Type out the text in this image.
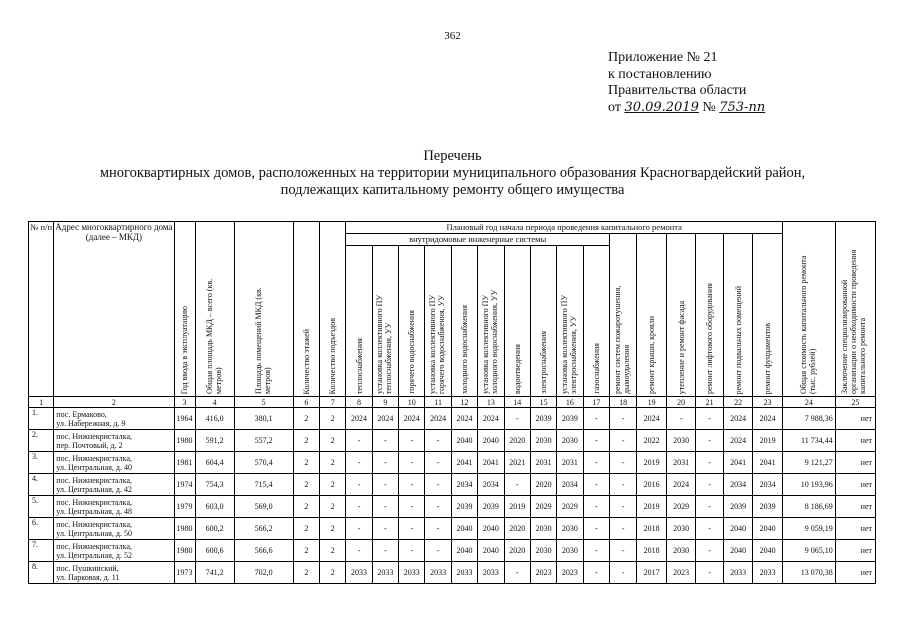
362
Приложение № 21
к постановлению
Правительства области
от 30.09.2019 № 753-пп
Перечень
многоквартирных домов, расположенных на территории муниципального образования Красногвардейский район,
подлежащих капитальному ремонту общего имущества
№ п/п	Адрес многоквартирного дома (далее – МКД)	Год ввода в эксплуатацию	Общая площадь МКД – всего (кв. метров)	Площадь помещений МКД (кв. метров)	Количество этажей	Количество подъездов	Плановый год начала периода проведения капитального ремонта																Общая стоимость капитального ремонта (тыс. рублей)	Заключение специализированной организации о необходимости проведения капитального ремонта
							внутридомовые инженерные системы										ремонт систем пожаротушения, дымоудаления	ремонт крыши, кровли	утепление и ремонт фасада	ремонт лифтового оборудования	ремонт подвальных помещений	ремонт фундаментов		
							теплоснабжения	установка коллективного ПУ теплоснабжения, УУ	горячего водоснабжения	установка коллективного ПУ горячего водоснабжения, УУ	холодного водоснабжения	установка коллективного ПУ холодного водоснабжения, УУ	водоотведения	электроснабжения	установка коллективного ПУ электроснабжения, УУ	газоснабжения								
1	2	3	4	5	6	7	8	9	10	11	12	13	14	15	16	17	18	19	20	21	22	23	24	25
1.	пос. Ермаково,
ул. Набережная, д. 9	1964	416,0	380,1	2	2	2024	2024	2024	2024	2024	2024	-	2039	2039	-	-	2024	-	-	2024	2024	7 988,36	нет
2.	пос. Нижнекристалка,
пер. Почтовый, д. 2	1980	591,2	557,2	2	2	-	-	-	-	2040	2040	2020	2030	2030	-	-	2022	2030	-	2024	2019	11 734,44	нет
3.	пос. Нижнекристалка,
ул. Центральная, д. 40	1981	604,4	570,4	2	2	-	-	-	-	2041	2041	2021	2031	2031	-	-	2019	2031	-	2041	2041	9 121,27	нет
4.	пос. Нижнекристалка,
ул. Центральная, д. 42	1974	754,3	715,4	2	2	-	-	-	-	2034	2034	-	2020	2034	-	-	2016	2024	-	2034	2034	10 193,96	нет
5.	пос. Нижнекристалка,
ул. Центральная, д. 48	1979	603,0	569,0	2	2	-	-	-	-	2039	2039	2019	2029	2029	-	-	2019	2029	-	2039	2039	8 186,69	нет
6.	пос. Нижнекристалка,
ул. Центральная, д. 50	1980	600,2	566,2	2	2	-	-	-	-	2040	2040	2020	2030	2030	-	-	2018	2030	-	2040	2040	9 059,19	нет
7.	пос. Нижнекристалка,
ул. Центральная, д. 52	1980	600,6	566,6	2	2	-	-	-	-	2040	2040	2020	2030	2030	-	-	2018	2030	-	2040	2040	9 065,10	нет
8.	пос. Пушкинский,
ул. Парковая, д. 11	1973	741,2	702,0	2	2	2033	2033	2033	2033	2033	2033	-	2023	2023	-	-	2017	2023	-	2033	2033	13 070,38	нет
